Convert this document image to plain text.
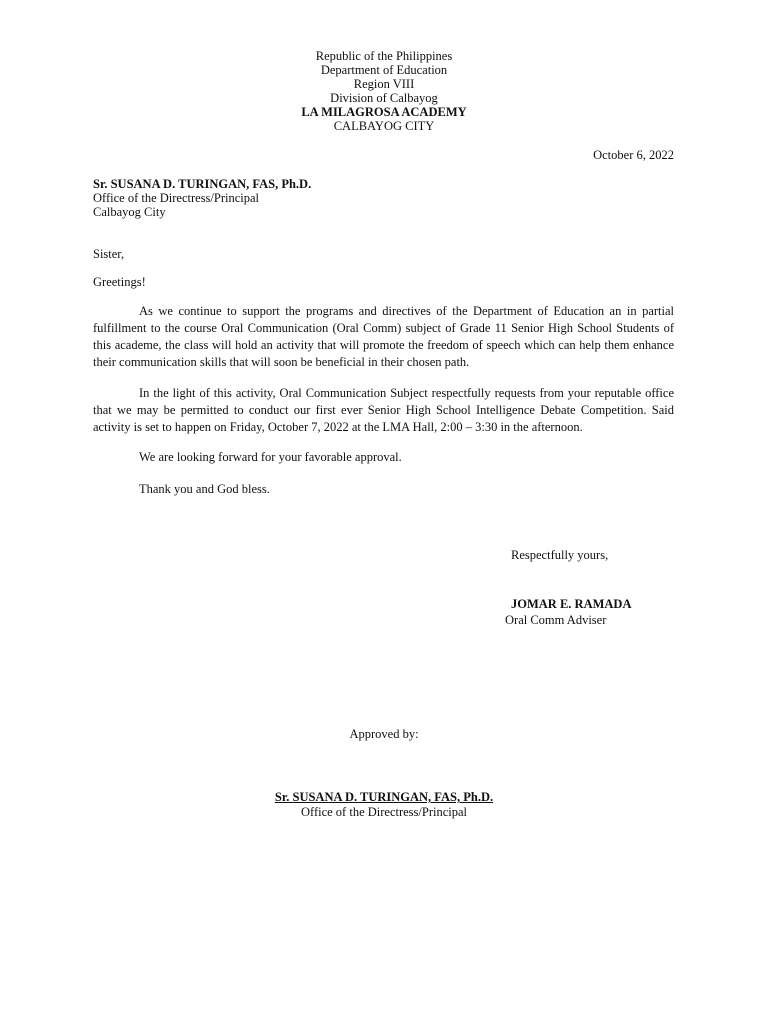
Republic of the Philippines
Department of Education
Region VIII
Division of Calbayog
LA MILAGROSA ACADEMY
CALBAYOG CITY
October 6, 2022
Sr. SUSANA D. TURINGAN, FAS, Ph.D.
Office of the Directress/Principal
Calbayog City
Sister,
Greetings!
As we continue to support the programs and directives of the Department of Education an in partial fulfillment to the course Oral Communication (Oral Comm) subject of Grade 11 Senior High School Students of this academe, the class will hold an activity that will promote the freedom of speech which can help them enhance their communication skills that will soon be beneficial in their chosen path.
In the light of this activity, Oral Communication Subject respectfully requests from your reputable office that we may be permitted to conduct our first ever Senior High School Intelligence Debate Competition. Said activity is set to happen on Friday, October 7, 2022 at the LMA Hall, 2:00 – 3:30 in the afternoon.
We are looking forward for your favorable approval.
Thank you and God bless.
Respectfully yours,
JOMAR E. RAMADA
Oral Comm Adviser
Approved by:
Sr. SUSANA D. TURINGAN, FAS, Ph.D.
Office of the Directress/Principal
